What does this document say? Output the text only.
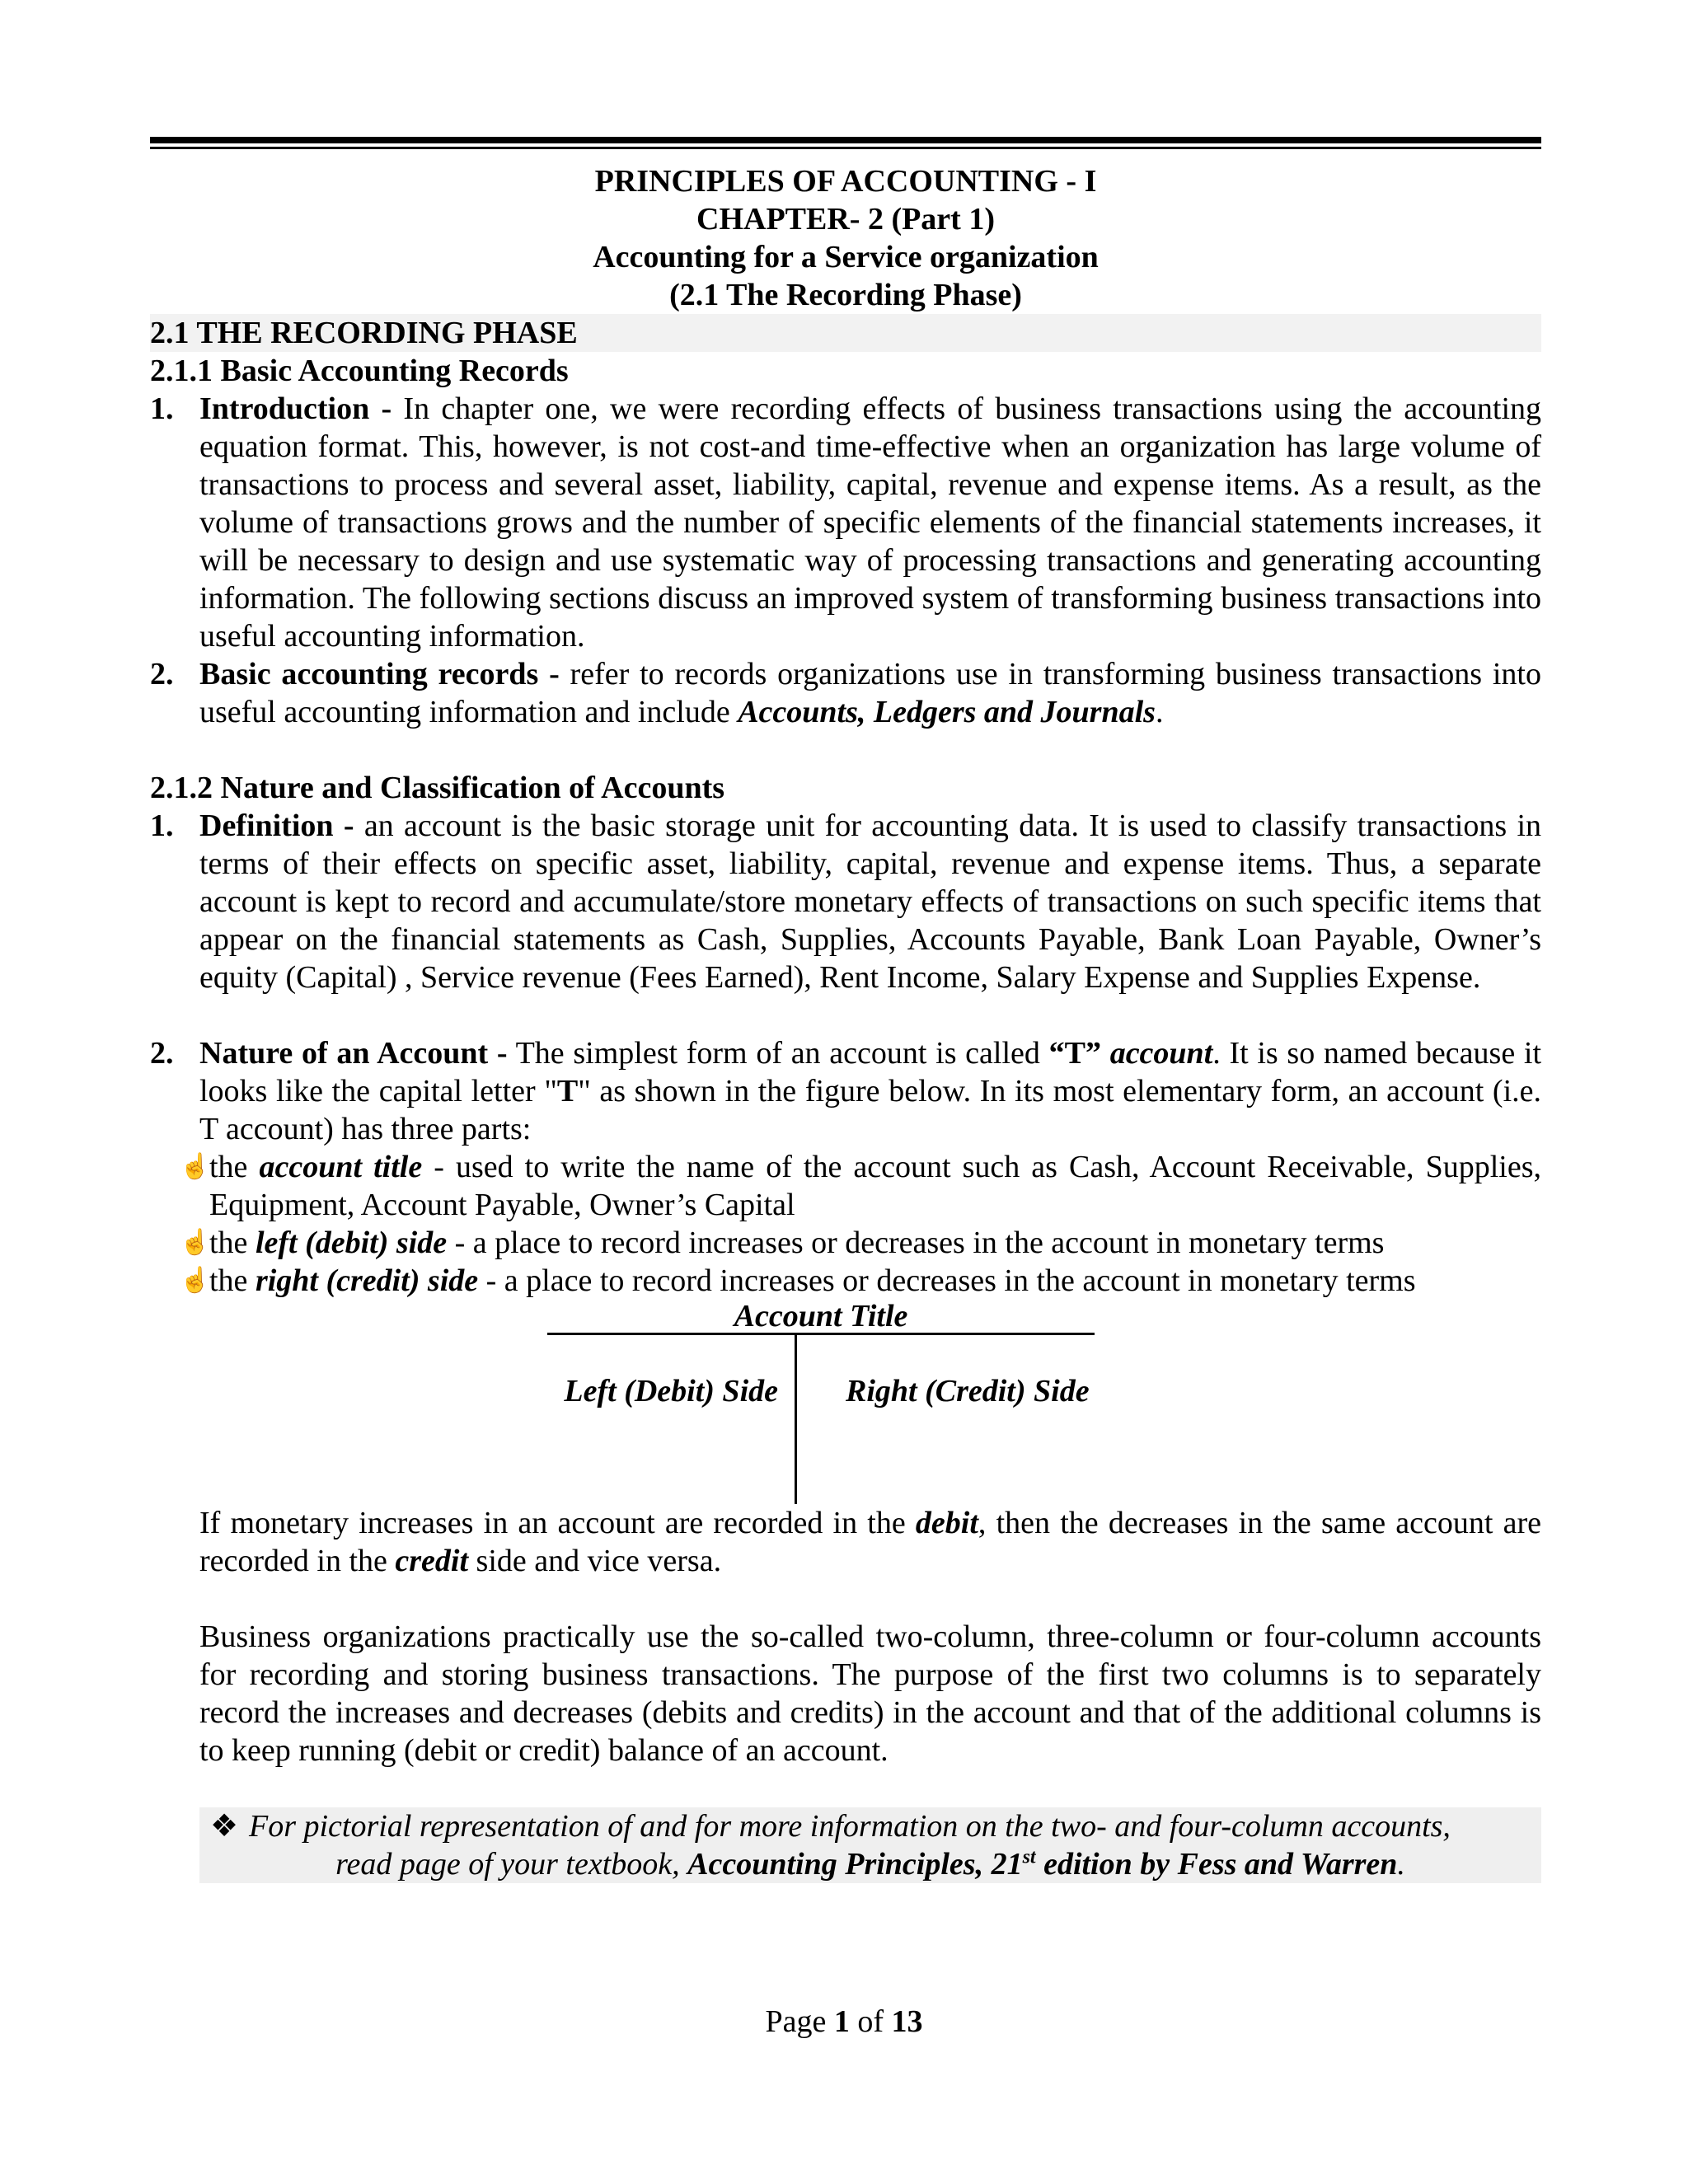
PRINCIPLES OF ACCOUNTING - I
CHAPTER- 2 (Part 1)
Accounting for a Service organization
(2.1 The Recording Phase)
2.1 THE RECORDING PHASE
2.1.1 Basic Accounting Records
1. Introduction - In chapter one, we were recording effects of business transactions using the accounting equation format. This, however, is not cost-and time-effective when an organization has large volume of transactions to process and several asset, liability, capital, revenue and expense items. As a result, as the volume of transactions grows and the number of specific elements of the financial statements increases, it will be necessary to design and use systematic way of processing transactions and generating accounting information. The following sections discuss an improved system of transforming business transactions into useful accounting information.
2. Basic accounting records - refer to records organizations use in transforming business transactions into useful accounting information and include Accounts, Ledgers and Journals.
2.1.2 Nature and Classification of Accounts
1. Definition - an account is the basic storage unit for accounting data. It is used to classify transactions in terms of their effects on specific asset, liability, capital, revenue and expense items. Thus, a separate account is kept to record and accumulate/store monetary effects of transactions on such specific items that appear on the financial statements as Cash, Supplies, Accounts Payable, Bank Loan Payable, Owner’s equity (Capital) , Service revenue (Fees Earned), Rent Income, Salary Expense and Supplies Expense.
2. Nature of an Account - The simplest form of an account is called “T” account. It is so named because it looks like the capital letter "T" as shown in the figure below. In its most elementary form, an account (i.e. T account) has three parts:
☝
the account title - used to write the name of the account such as Cash, Account Receivable, Supplies, Equipment, Account Payable, Owner’s Capital
☝
the left (debit) side - a place to record increases or decreases in the account in monetary terms
☝
the right (credit) side - a place to record increases or decreases in the account in monetary terms
Account Title
Left (Debit) Side Right (Credit) Side
If monetary increases in an account are recorded in the debit, then the decreases in the same account are recorded in the credit side and vice versa.
Business organizations practically use the so-called two-column, three-column or four-column accounts for recording and storing business transactions. The purpose of the first two columns is to separately record the increases and decreases (debits and credits) in the account and that of the additional columns is to keep running (debit or credit) balance of an account.
❖ For pictorial representation of and for more information on the two- and four-column accounts,
read page of your textbook, Accounting Principles, 21st edition by Fess and Warren.
Page 1 of 13
